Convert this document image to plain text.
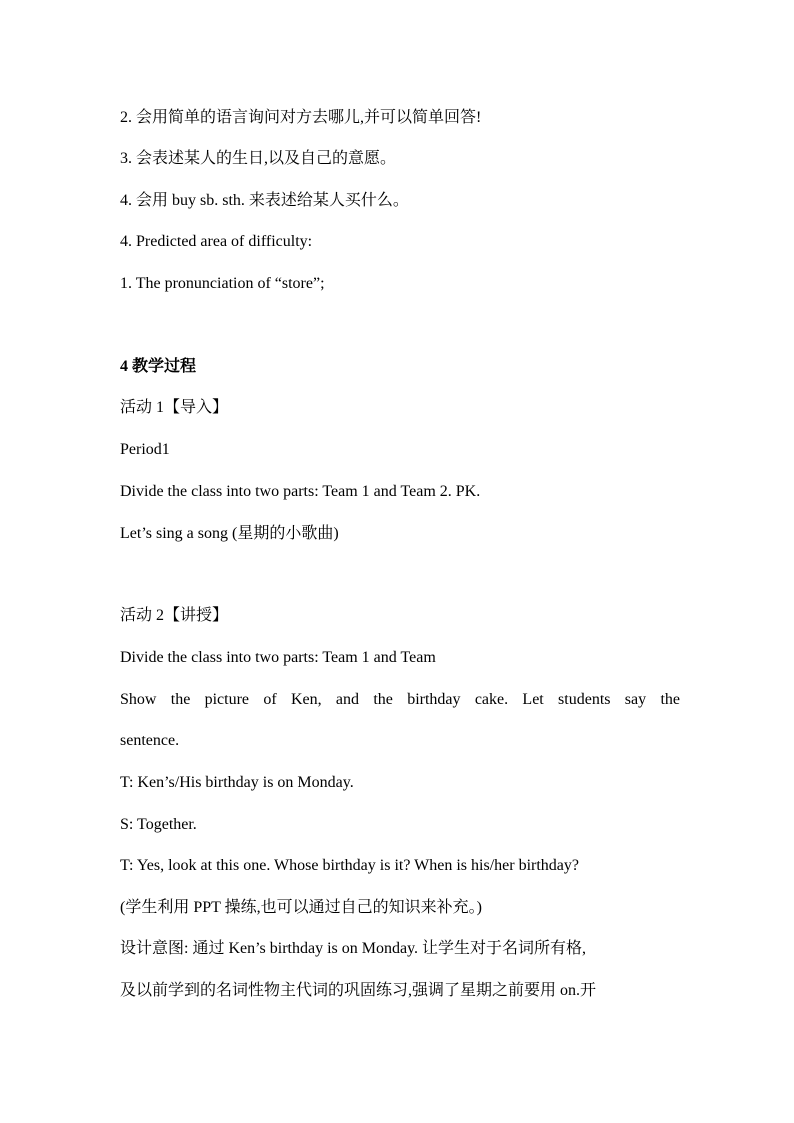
2. 会用简单的语言询问对方去哪儿,并可以简单回答!
3. 会表述某人的生日,以及自己的意愿。
4. 会用 buy sb. sth. 来表述给某人买什么。
4. Predicted area of difficulty:
1. The pronunciation of “store”;
4 教学过程
活动 1【导入】
Period1
Divide the class into two parts: Team 1 and Team 2. PK.
Let’s sing a song (星期的小歌曲)
活动 2【讲授】
Divide the class into two parts: Team 1 and Team
Show the picture of Ken, and the birthday cake. Let students say the
sentence.
T: Ken’s/His birthday is on Monday.
S: Together.
T: Yes, look at this one. Whose birthday is it? When is his/her birthday?
(学生利用 PPT 操练,也可以通过自己的知识来补充。)
设计意图: 通过 Ken’s birthday is on Monday. 让学生对于名词所有格,
及以前学到的名词性物主代词的巩固练习,强调了星期之前要用 on.开
